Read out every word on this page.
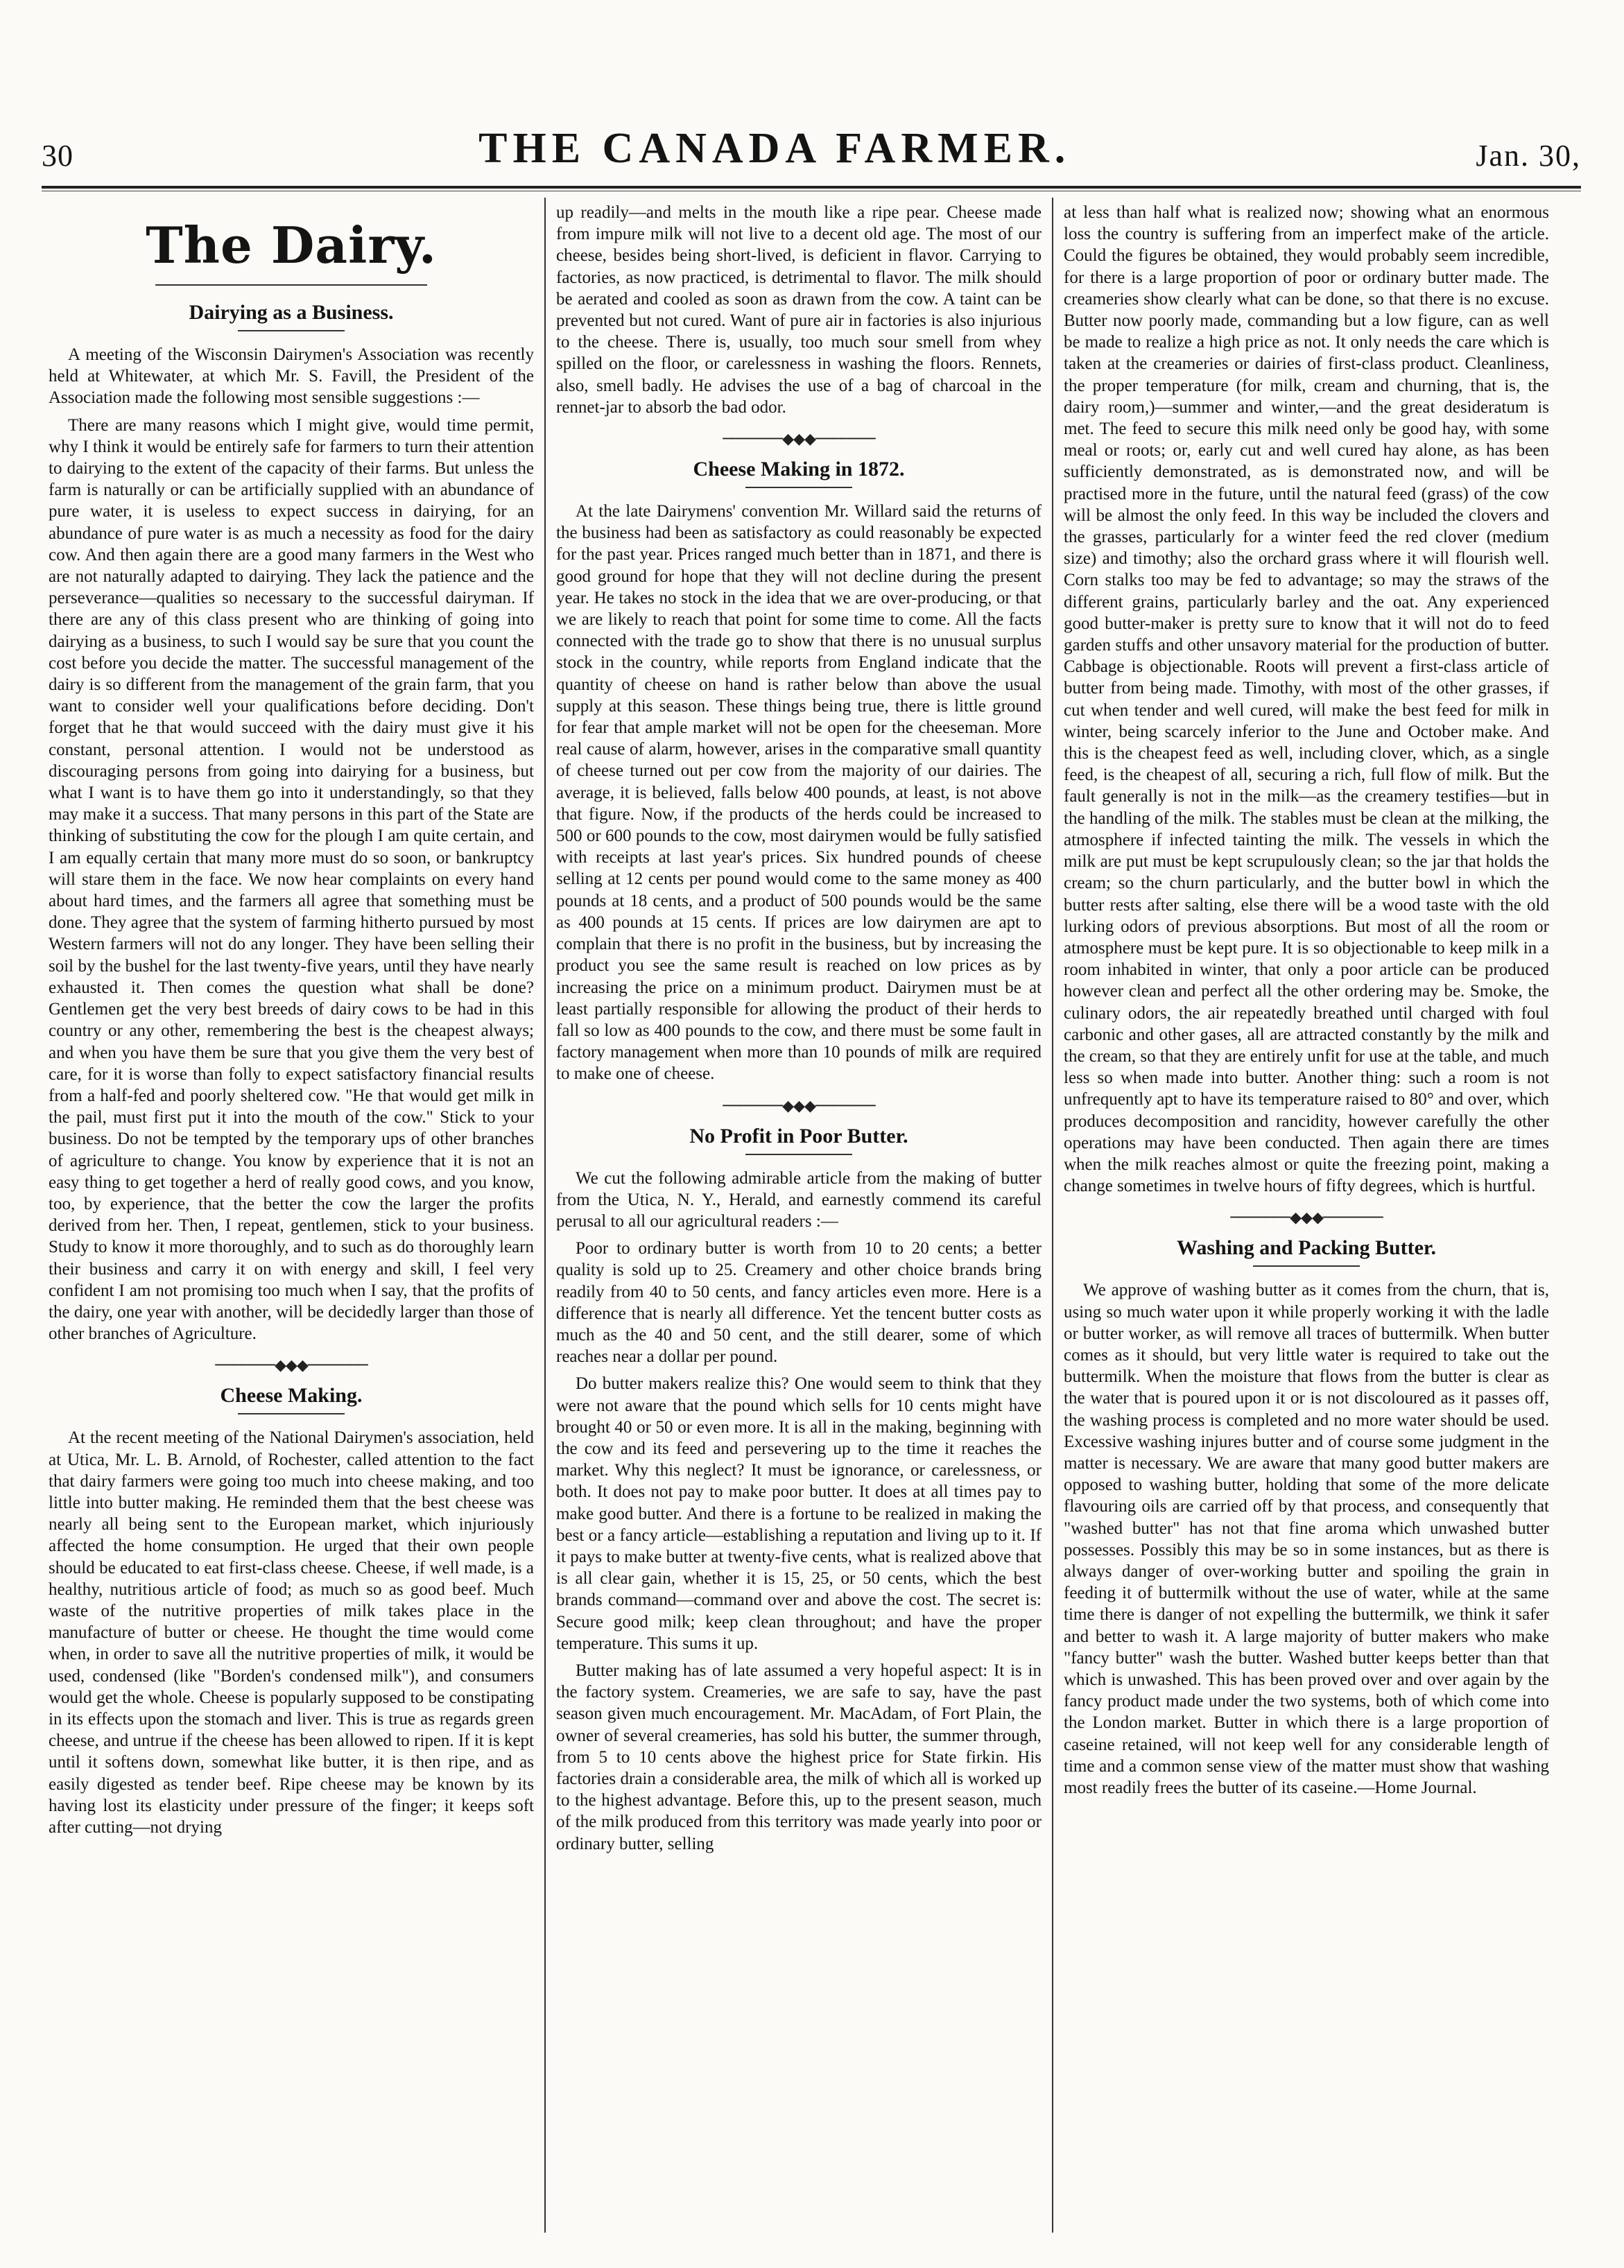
30	THE CANADA FARMER.	Jan. 30,
The Dairy.
Dairying as a Business.

A meeting of the Wisconsin Dairymen's Association was recently held at Whitewater, at which Mr. S. Favill, the President of the Association made the following most sensible suggestions :—

There are many reasons which I might give, would time permit, why I think it would be entirely safe for farmers to turn their attention to dairying to the extent of the capacity of their farms. But unless the farm is naturally or can be artificially supplied with an abundance of pure water, it is useless to expect success in dairying, for an abundance of pure water is as much a necessity as food for the dairy cow. And then again there are a good many farmers in the West who are not naturally adapted to dairying. They lack the patience and the perseverance—qualities so necessary to the successful dairyman. If there are any of this class present who are thinking of going into dairying as a business, to such I would say be sure that you count the cost before you decide the matter. The successful management of the dairy is so different from the management of the grain farm, that you want to consider well your qualifications before deciding. Don't forget that he that would succeed with the dairy must give it his constant, personal attention. I would not be understood as discouraging persons from going into dairying for a business, but what I want is to have them go into it understandingly, so that they may make it a success. That many persons in this part of the State are thinking of substituting the cow for the plough I am quite certain, and I am equally certain that many more must do so soon, or bankruptcy will stare them in the face. We now hear complaints on every hand about hard times, and the farmers all agree that something must be done. They agree that the system of farming hitherto pursued by most Western farmers will not do any longer. They have been selling their soil by the bushel for the last twenty-five years, until they have nearly exhausted it. Then comes the question what shall be done? Gentlemen get the very best breeds of dairy cows to be had in this country or any other, remembering the best is the cheapest always; and when you have them be sure that you give them the very best of care, for it is worse than folly to expect satisfactory financial results from a half-fed and poorly sheltered cow. "He that would get milk in the pail, must first put it into the mouth of the cow." Stick to your business. Do not be tempted by the temporary ups of other branches of agriculture to change. You know by experience that it is not an easy thing to get together a herd of really good cows, and you know, too, by experience, that the better the cow the larger the profits derived from her. Then, I repeat, gentlemen, stick to your business. Study to know it more thoroughly, and to such as do thoroughly learn their business and carry it on with energy and skill, I feel very confident I am not promising too much when I say, that the profits of the dairy, one year with another, will be decidedly larger than those of other branches of Agriculture.

───────◆◆◆───────
Cheese Making.

At the recent meeting of the National Dairymen's association, held at Utica, Mr. L. B. Arnold, of Rochester, called attention to the fact that dairy farmers were going too much into cheese making, and too little into butter making. He reminded them that the best cheese was nearly all being sent to the European market, which injuriously affected the home consumption. He urged that their own people should be educated to eat first-class cheese. Cheese, if well made, is a healthy, nutritious article of food; as much so as good beef. Much waste of the nutritive properties of milk takes place in the manufacture of butter or cheese. He thought the time would come when, in order to save all the nutritive properties of milk, it would be used, condensed (like "Borden's condensed milk"), and consumers would get the whole. Cheese is popularly supposed to be constipating in its effects upon the stomach and liver. This is true as regards green cheese, and untrue if the cheese has been allowed to ripen. If it is kept until it softens down, somewhat like butter, it is then ripe, and as easily digested as tender beef. Ripe cheese may be known by its having lost its elasticity under pressure of the finger; it keeps soft after cutting—not drying

up readily—and melts in the mouth like a ripe pear. Cheese made from impure milk will not live to a decent old age. The most of our cheese, besides being short-lived, is deficient in flavor. Carrying to factories, as now practiced, is detrimental to flavor. The milk should be aerated and cooled as soon as drawn from the cow. A taint can be prevented but not cured. Want of pure air in factories is also injurious to the cheese. There is, usually, too much sour smell from whey spilled on the floor, or carelessness in washing the floors. Rennets, also, smell badly. He advises the use of a bag of charcoal in the rennet-jar to absorb the bad odor.

───────◆◆◆───────
Cheese Making in 1872.

At the late Dairymens' convention Mr. Willard said the returns of the business had been as satisfactory as could reasonably be expected for the past year. Prices ranged much better than in 1871, and there is good ground for hope that they will not decline during the present year. He takes no stock in the idea that we are over-producing, or that we are likely to reach that point for some time to come. All the facts connected with the trade go to show that there is no unusual surplus stock in the country, while reports from England indicate that the quantity of cheese on hand is rather below than above the usual supply at this season. These things being true, there is little ground for fear that ample market will not be open for the cheeseman. More real cause of alarm, however, arises in the comparative small quantity of cheese turned out per cow from the majority of our dairies. The average, it is believed, falls below 400 pounds, at least, is not above that figure. Now, if the products of the herds could be increased to 500 or 600 pounds to the cow, most dairymen would be fully satisfied with receipts at last year's prices. Six hundred pounds of cheese selling at 12 cents per pound would come to the same money as 400 pounds at 18 cents, and a product of 500 pounds would be the same as 400 pounds at 15 cents. If prices are low dairymen are apt to complain that there is no profit in the business, but by increasing the product you see the same result is reached on low prices as by increasing the price on a minimum product. Dairymen must be at least partially responsible for allowing the product of their herds to fall so low as 400 pounds to the cow, and there must be some fault in factory management when more than 10 pounds of milk are required to make one of cheese.

───────◆◆◆───────
No Profit in Poor Butter.

We cut the following admirable article from the making of butter from the Utica, N. Y., Herald, and earnestly commend its careful perusal to all our agricultural readers :—

Poor to ordinary butter is worth from 10 to 20 cents; a better quality is sold up to 25. Creamery and other choice brands bring readily from 40 to 50 cents, and fancy articles even more. Here is a difference that is nearly all difference. Yet the tencent butter costs as much as the 40 and 50 cent, and the still dearer, some of which reaches near a dollar per pound.

Do butter makers realize this? One would seem to think that they were not aware that the pound which sells for 10 cents might have brought 40 or 50 or even more. It is all in the making, beginning with the cow and its feed and persevering up to the time it reaches the market. Why this neglect? It must be ignorance, or carelessness, or both. It does not pay to make poor butter. It does at all times pay to make good butter. And there is a fortune to be realized in making the best or a fancy article—establishing a reputation and living up to it. If it pays to make butter at twenty-five cents, what is realized above that is all clear gain, whether it is 15, 25, or 50 cents, which the best brands command—command over and above the cost. The secret is: Secure good milk; keep clean throughout; and have the proper temperature. This sums it up.

Butter making has of late assumed a very hopeful aspect: It is in the factory system. Creameries, we are safe to say, have the past season given much encouragement. Mr. MacAdam, of Fort Plain, the owner of several creameries, has sold his butter, the summer through, from 5 to 10 cents above the highest price for State firkin. His factories drain a considerable area, the milk of which all is worked up to the highest advantage. Before this, up to the present season, much of the milk produced from this territory was made yearly into poor or ordinary butter, selling

at less than half what is realized now; showing what an enormous loss the country is suffering from an imperfect make of the article. Could the figures be obtained, they would probably seem incredible, for there is a large proportion of poor or ordinary butter made. The creameries show clearly what can be done, so that there is no excuse. Butter now poorly made, commanding but a low figure, can as well be made to realize a high price as not. It only needs the care which is taken at the creameries or dairies of first-class product. Cleanliness, the proper temperature (for milk, cream and churning, that is, the dairy room,)—summer and winter,—and the great desideratum is met. The feed to secure this milk need only be good hay, with some meal or roots; or, early cut and well cured hay alone, as has been sufficiently demonstrated, as is demonstrated now, and will be practised more in the future, until the natural feed (grass) of the cow will be almost the only feed. In this way be included the clovers and the grasses, particularly for a winter feed the red clover (medium size) and timothy; also the orchard grass where it will flourish well. Corn stalks too may be fed to advantage; so may the straws of the different grains, particularly barley and the oat. Any experienced good butter-maker is pretty sure to know that it will not do to feed garden stuffs and other unsavory material for the production of butter. Cabbage is objectionable. Roots will prevent a first-class article of butter from being made. Timothy, with most of the other grasses, if cut when tender and well cured, will make the best feed for milk in winter, being scarcely inferior to the June and October make. And this is the cheapest feed as well, including clover, which, as a single feed, is the cheapest of all, securing a rich, full flow of milk. But the fault generally is not in the milk—as the creamery testifies—but in the handling of the milk. The stables must be clean at the milking, the atmosphere if infected tainting the milk. The vessels in which the milk are put must be kept scrupulously clean; so the jar that holds the cream; so the churn particularly, and the butter bowl in which the butter rests after salting, else there will be a wood taste with the old lurking odors of previous absorptions. But most of all the room or atmosphere must be kept pure. It is so objectionable to keep milk in a room inhabited in winter, that only a poor article can be produced however clean and perfect all the other ordering may be. Smoke, the culinary odors, the air repeatedly breathed until charged with foul carbonic and other gases, all are attracted constantly by the milk and the cream, so that they are entirely unfit for use at the table, and much less so when made into butter. Another thing: such a room is not unfrequently apt to have its temperature raised to 80° and over, which produces decomposition and rancidity, however carefully the other operations may have been conducted. Then again there are times when the milk reaches almost or quite the freezing point, making a change sometimes in twelve hours of fifty degrees, which is hurtful.

───────◆◆◆───────
Washing and Packing Butter.

We approve of washing butter as it comes from the churn, that is, using so much water upon it while properly working it with the ladle or butter worker, as will remove all traces of buttermilk. When butter comes as it should, but very little water is required to take out the buttermilk. When the moisture that flows from the butter is clear as the water that is poured upon it or is not discoloured as it passes off, the washing process is completed and no more water should be used. Excessive washing injures butter and of course some judgment in the matter is necessary. We are aware that many good butter makers are opposed to washing butter, holding that some of the more delicate flavouring oils are carried off by that process, and consequently that "washed butter" has not that fine aroma which unwashed butter possesses. Possibly this may be so in some instances, but as there is always danger of over-working butter and spoiling the grain in feeding it of buttermilk without the use of water, while at the same time there is danger of not expelling the buttermilk, we think it safer and better to wash it. A large majority of butter makers who make "fancy butter" wash the butter. Washed butter keeps better than that which is unwashed. This has been proved over and over again by the fancy product made under the two systems, both of which come into the London market. Butter in which there is a large proportion of caseine retained, will not keep well for any considerable length of time and a common sense view of the matter must show that washing most readily frees the butter of its caseine.—Home Journal.
